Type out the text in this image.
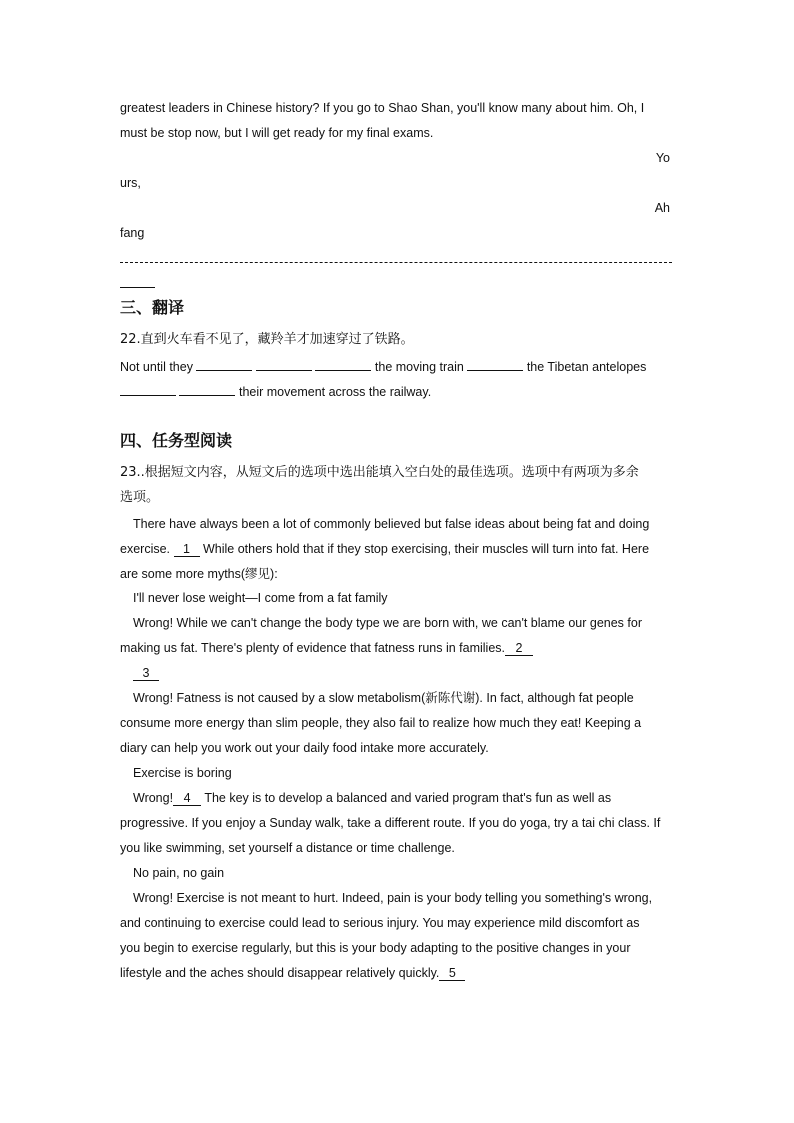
greatest leaders in Chinese history? If you go to Shao Shan, you'll know many about him. Oh, I
must be stop now, but I will get ready for my final exams.
Yo
urs,
Ah
fang
三、翻译
22.直到火车看不见了，藏羚羊才加速穿过了铁路。
Not until they	the moving train	the Tibetan antelopes
their movement across the railway.
四、任务型阅读
23..根据短文内容，从短文后的选项中选出能填入空白处的最佳选项。选项中有两项为多余
选项。
There have always been a lot of commonly believed but false ideas about being fat and doing
exercise. 1 While others hold that if they stop exercising, their muscles will turn into fat. Here
are some more myths(缪见):
I'll never lose weight—I come from a fat family
Wrong! While we can't change the body type we are born with, we can't blame our genes for
making us fat. There's plenty of evidence that fatness runs in families. 2
3
Wrong! Fatness is not caused by a slow metabolism(新陈代谢). In fact, although fat people
consume more energy than slim people, they also fail to realize how much they eat! Keeping a
diary can help you work out your daily food intake more accurately.
Exercise is boring
Wrong! 4 The key is to develop a balanced and varied program that's fun as well as
progressive. If you enjoy a Sunday walk, take a different route. If you do yoga, try a tai chi class. If
you like swimming, set yourself a distance or time challenge.
No pain, no gain
Wrong! Exercise is not meant to hurt. Indeed, pain is your body telling you something's wrong,
and continuing to exercise could lead to serious injury. You may experience mild discomfort as
you begin to exercise regularly, but this is your body adapting to the positive changes in your
lifestyle and the aches should disappear relatively quickly. 5
